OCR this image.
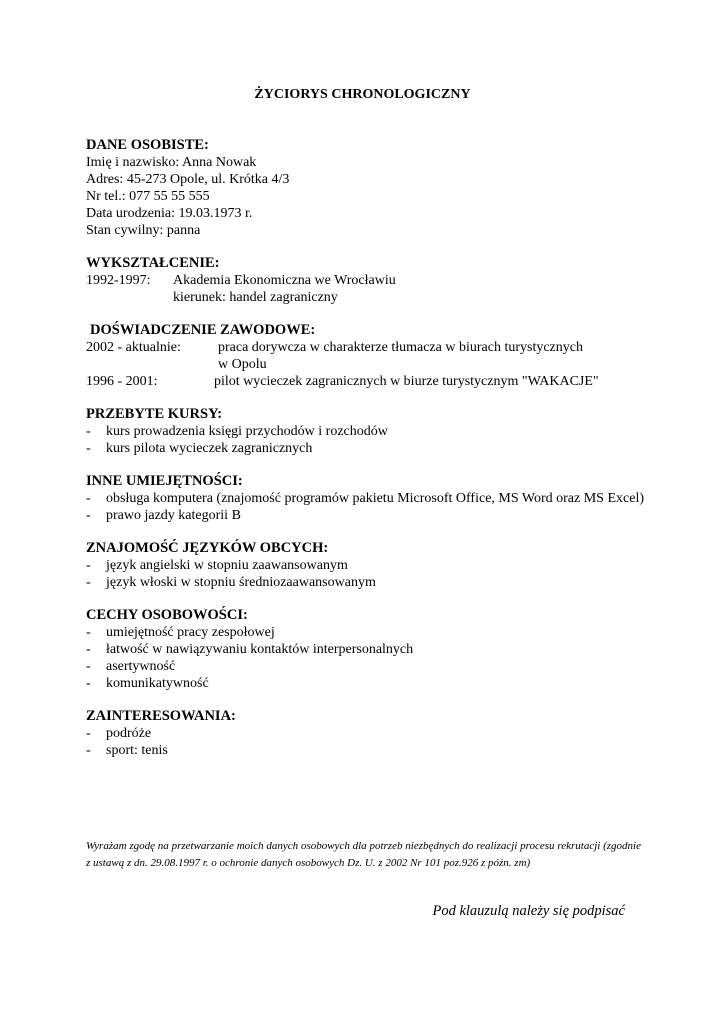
ŻYCIORYS CHRONOLOGICZNY
DANE OSOBISTE:
Imię i nazwisko: Anna Nowak
Adres: 45-273 Opole, ul. Krótka 4/3
Nr tel.: 077 55 55 555
Data urodzenia: 19.03.1973 r.
Stan cywilny: panna
WYKSZTAŁCENIE:
1992-1997:	Akademia Ekonomiczna we Wrocławiu
kierunek: handel zagraniczny
DOŚWIADCZENIE ZAWODOWE:
2002 - aktualnie:	praca dorywcza w charakterze tłumacza w biurach turystycznych
w Opolu
1996 - 2001:	pilot wycieczek zagranicznych w biurze turystycznym "WAKACJE"
PRZEBYTE KURSY:
- kurs prowadzenia księgi przychodów i rozchodów
- kurs pilota wycieczek zagranicznych
INNE UMIEJĘTNOŚCI:
- obsługa komputera (znajomość programów pakietu Microsoft Office, MS Word oraz MS Excel)
- prawo jazdy kategorii B
ZNAJOMOŚĆ JĘZYKÓW OBCYCH:
- język angielski w stopniu zaawansowanym
- język włoski w stopniu średniozaawansowanym
CECHY OSOBOWOŚCI:
- umiejętność pracy zespołowej
- łatwość w nawiązywaniu kontaktów interpersonalnych
- asertywność
- komunikatywność
ZAINTERESOWANIA:
- podróże
- sport: tenis
Wyrażam zgodę na przetwarzanie moich danych osobowych dla potrzeb niezbędnych do realizacji procesu rekrutacji (zgodnie z ustawą z dn. 29.08.1997 r. o ochronie danych osobowych Dz. U. z 2002 Nr 101 poz.926 z późn. zm)
Pod klauzulą należy się podpisać
